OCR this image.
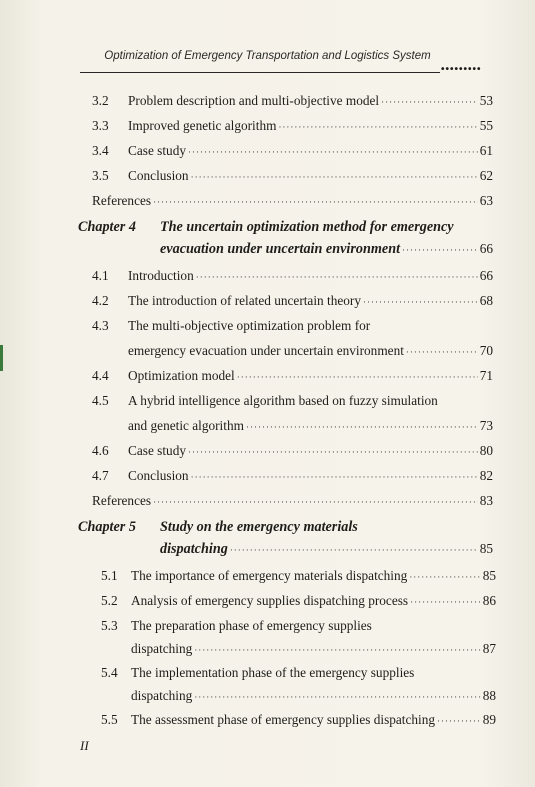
Optimization of Emergency Transportation and Logistics System
•••••••••
3.2 Problem description and multi-objective model ·····	53
3.3 Improved genetic algorithm ·····	55
3.4 Case study ·····	61
3.5 Conclusion ·····	62
References ·····	63
Chapter 4 The uncertain optimization method for emergency
evacuation under uncertain environment ·····	66
4.1 Introduction ·····	66
4.2 The introduction of related uncertain theory ·····	68
4.3 The multi-objective optimization problem for
emergency evacuation under uncertain environment ·····	70
4.4 Optimization model ·····	71
4.5 A hybrid intelligence algorithm based on fuzzy simulation
and genetic algorithm ·····	73
4.6 Case study ·····	80
4.7 Conclusion ·····	82
References ·····	83
Chapter 5 Study on the emergency materials
dispatching ·····	85
5.1 The importance of emergency materials dispatching ·····	85
5.2 Analysis of emergency supplies dispatching process ·····	86
5.3 The preparation phase of emergency supplies
dispatching ·····	87
5.4 The implementation phase of the emergency supplies
dispatching ·····	88
5.5 The assessment phase of emergency supplies dispatching ·····	89
II
